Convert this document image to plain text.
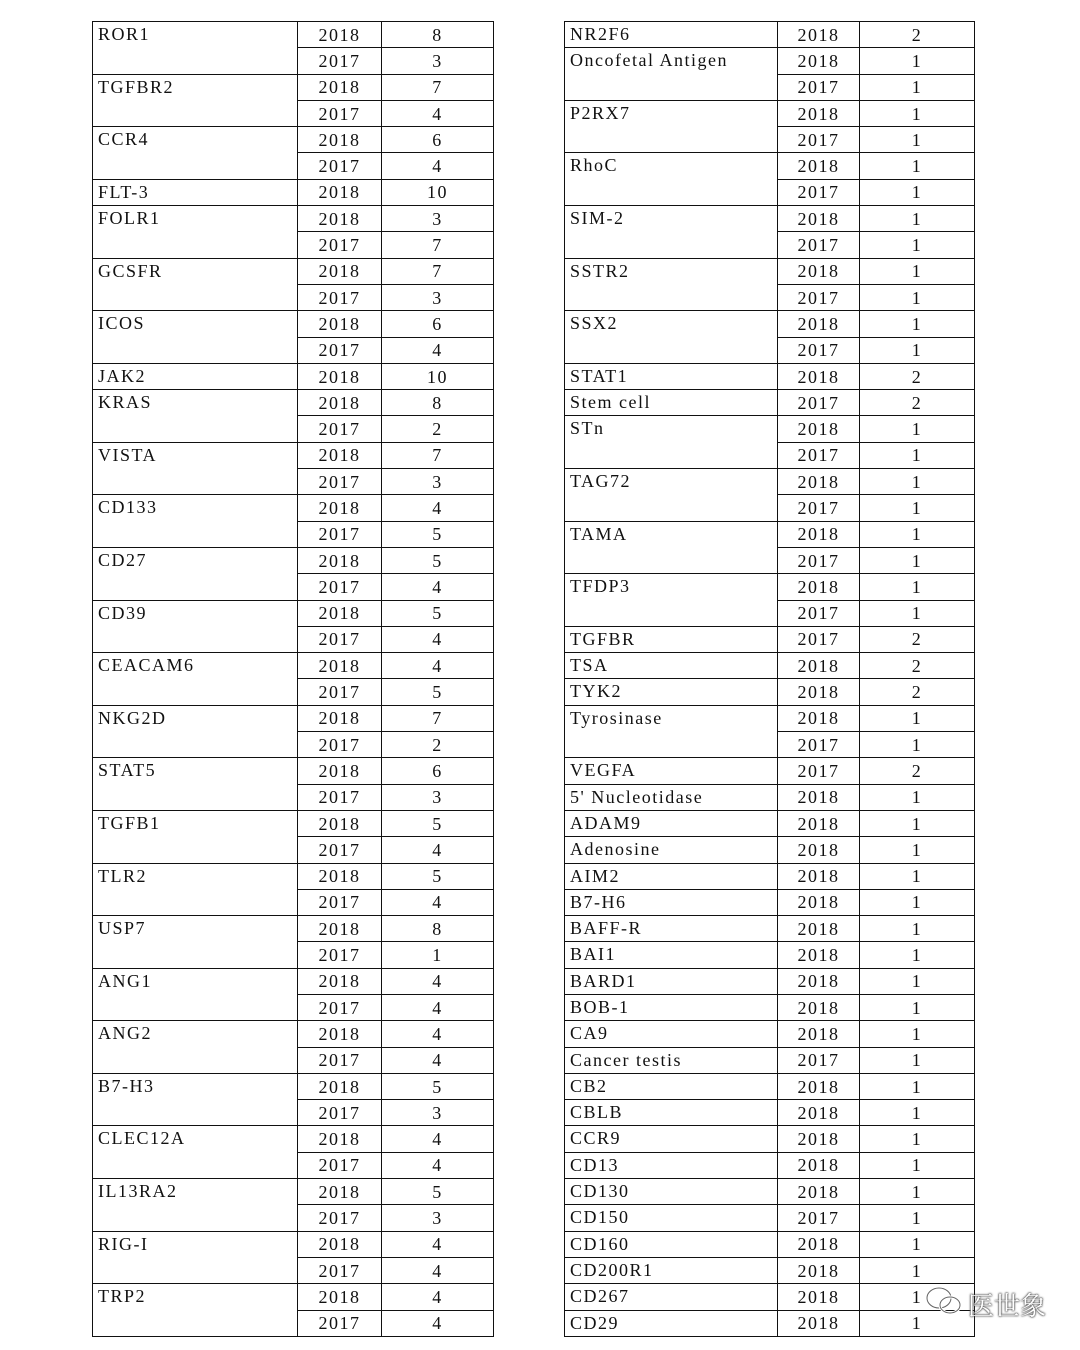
ROR1	2018	8
	2017	3
TGFBR2	2018	7
	2017	4
CCR4	2018	6
	2017	4
FLT-3	2018	10
FOLR1	2018	3
	2017	7
GCSFR	2018	7
	2017	3
ICOS	2018	6
	2017	4
JAK2	2018	10
KRAS	2018	8
	2017	2
VISTA	2018	7
	2017	3
CD133	2018	4
	2017	5
CD27	2018	5
	2017	4
CD39	2018	5
	2017	4
CEACAM6	2018	4
	2017	5
NKG2D	2018	7
	2017	2
STAT5	2018	6
	2017	3
TGFB1	2018	5
	2017	4
TLR2	2018	5
	2017	4
USP7	2018	8
	2017	1
ANG1	2018	4
	2017	4
ANG2	2018	4
	2017	4
B7-H3	2018	5
	2017	3
CLEC12A	2018	4
	2017	4
IL13RA2	2018	5
	2017	3
RIG-I	2018	4
	2017	4
TRP2	2018	4
	2017	4
NR2F6	2018	2
Oncofetal Antigen	2018	1
	2017	1
P2RX7	2018	1
	2017	1
RhoC	2018	1
	2017	1
SIM-2	2018	1
	2017	1
SSTR2	2018	1
	2017	1
SSX2	2018	1
	2017	1
STAT1	2018	2
Stem cell	2017	2
STn	2018	1
	2017	1
TAG72	2018	1
	2017	1
TAMA	2018	1
	2017	1
TFDP3	2018	1
	2017	1
TGFBR	2017	2
TSA	2018	2
TYK2	2018	2
Tyrosinase	2018	1
	2017	1
VEGFA	2017	2
5' Nucleotidase	2018	1
ADAM9	2018	1
Adenosine	2018	1
AIM2	2018	1
B7-H6	2018	1
BAFF-R	2018	1
BAI1	2018	1
BARD1	2018	1
BOB-1	2018	1
CA9	2018	1
Cancer testis	2017	1
CB2	2018	1
CBLB	2018	1
CCR9	2018	1
CD13	2018	1
CD130	2018	1
CD150	2017	1
CD160	2018	1
CD200R1	2018	1
CD267	2018	1
CD29	2018	1
医世象
